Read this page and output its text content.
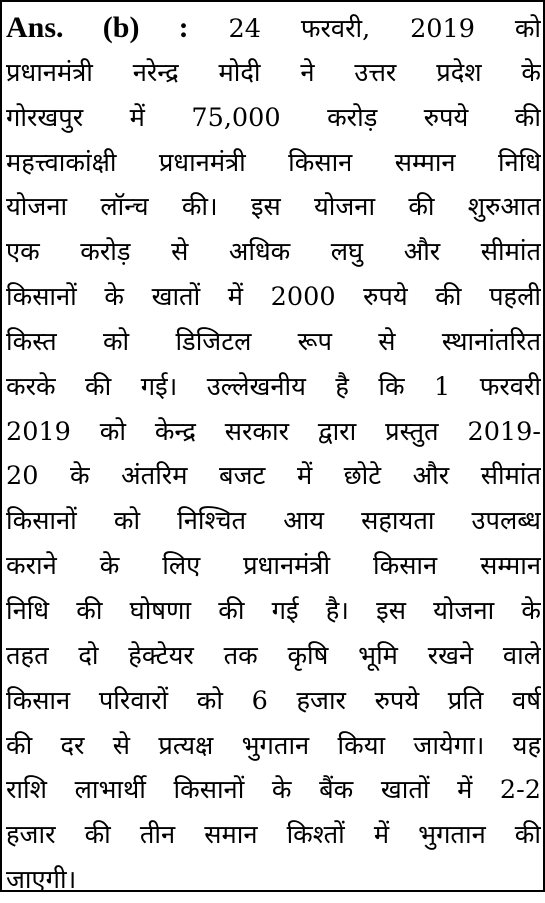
Ans. (b) : 24 फरवरी, 2019 को
प्रधानमंत्री नरेन्द्र मोदी ने उत्तर प्रदेश के
गोरखपुर में 75,000 करोड़ रुपये की
महत्त्वाकांक्षी प्रधानमंत्री किसान सम्मान निधि
योजना लॉन्च की। इस योजना की शुरुआत
एक करोड़ से अधिक लघु और सीमांत
किसानों के खातों में 2000 रुपये की पहली
किस्त को डिजिटल रूप से स्थानांतरित
करके की गई। उल्लेखनीय है कि 1 फरवरी
2019 को केन्द्र सरकार द्वारा प्रस्तुत 2019-
20 के अंतरिम बजट में छोटे और सीमांत
किसानों को निश्चित आय सहायता उपलब्ध
कराने के लिए प्रधानमंत्री किसान सम्मान
निधि की घोषणा की गई है। इस योजना के
तहत दो हेक्टेयर तक कृषि भूमि रखने वाले
किसान परिवारों को 6 हजार रुपये प्रति वर्ष
की दर से प्रत्यक्ष भुगतान किया जायेगा। यह
राशि लाभार्थी किसानों के बैंक खातों में 2-2
हजार की तीन समान किश्तों में भुगतान की
जाएगी।
